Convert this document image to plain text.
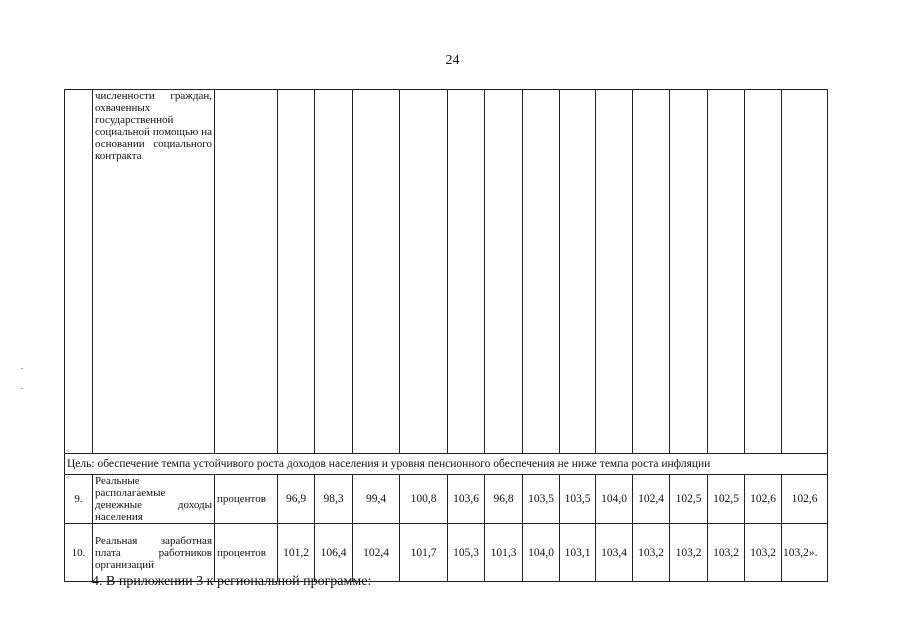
24
	численности граждан, охваченных государственной социальной помощью на основании социального контракта															
Цель: обеспечение темпа устойчивого роста доходов населения и уровня пенсионного обеспечения не ниже темпа роста инфляции																
9.	Реальные располагаемые денежные доходы населения	процентов	96,9	98,3	99,4	100,8	103,6	96,8	103,5	103,5	104,0	102,4	102,5	102,5	102,6	102,6
10.	Реальная заработная плата работников организаций	процентов	101,2	106,4	102,4	101,7	105,3	101,3	104,0	103,1	103,4	103,2	103,2	103,2	103,2	103,2».
4. В приложении 3 к региональной программе:
